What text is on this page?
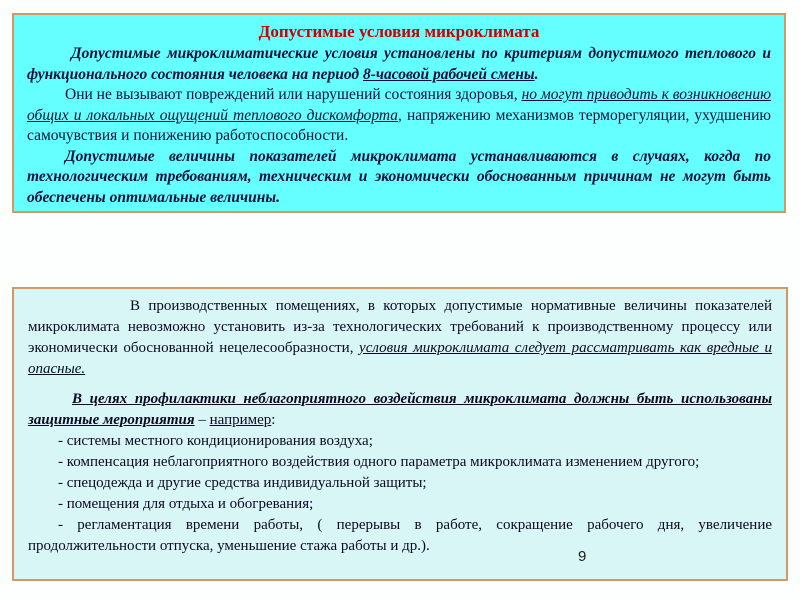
Допустимые условия микроклимата

Допустимые микроклиматические условия установлены по критериям допустимого теплового и функционального состояния человека на период 8-часовой рабочей смены.

Они не вызывают повреждений или нарушений состояния здоровья, но могут приводить к возникновению общих и локальных ощущений теплового дискомфорта, напряжению механизмов терморегуляции, ухудшению самочувствия и понижению работоспособности.

Допустимые величины показателей микроклимата устанавливаются в случаях, когда по технологическим требованиям, техническим и экономически обоснованным причинам не могут быть обеспечены оптимальные величины.

В производственных помещениях, в которых допустимые нормативные величины показателей микроклимата невозможно установить из-за технологических требований к производственному процессу или экономически обоснованной нецелесообразности, условия микроклимата следует рассматривать как вредные и опасные.

В целях профилактики неблагоприятного воздействия микроклимата должны быть использованы защитные мероприятия – например:

- системы местного кондиционирования воздуха;

- компенсация неблагоприятного воздействия одного параметра микроклимата изменением другого;

- спецодежда и другие средства индивидуальной защиты;

- помещения для отдыха и обогревания;

- регламентация времени работы, ( перерывы в работе, сокращение рабочего дня, увеличение продолжительности отпуска, уменьшение стажа работы и др.).

9
